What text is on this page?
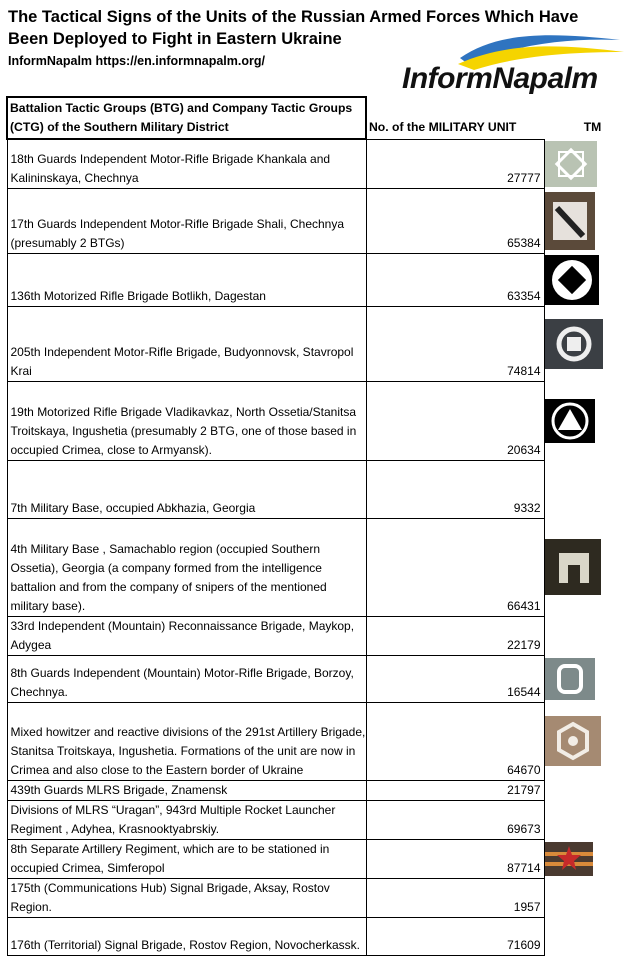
The Tactical Signs of the Units of the Russian Armed Forces Which Have Been Deployed to Fight in Eastern Ukraine
InformNapalm https://en.informnapalm.org/
InformNapalm
Battalion Tactic Groups (BTG) and Company Tactic Groups (CTG) of the Southern Military District	No. of the MILITARY UNIT	TM
18th Guards Independent Motor-Rifle Brigade Khankala and Kalininskaya, Chechnya	27777	
17th Guards Independent Motor-Rifle Brigade Shali, Chechnya (presumably 2 BTGs)	65384	
136th Motorized Rifle Brigade Botlikh, Dagestan	63354	
205th Independent Motor-Rifle Brigade, Budyonnovsk, Stavropol Krai	74814	
19th Motorized Rifle Brigade Vladikavkaz, North Ossetia/Stanitsa Troitskaya, Ingushetia (presumably 2 BTG, one of those based in occupied Crimea, close to Armyansk).	20634	
7th Military Base, occupied Abkhazia, Georgia	9332	
4th Military Base , Samachablo region (occupied Southern Ossetia), Georgia (a company formed from the intelligence battalion and from the company of snipers of the mentioned military base).	66431	
33rd Independent (Mountain) Reconnaissance Brigade, Maykop, Adygea	22179	
8th Guards Independent (Mountain) Motor-Rifle Brigade, Borzoy, Chechnya.	16544	
Mixed howitzer and reactive divisions of the 291st Artillery Brigade, Stanitsa Troitskaya, Ingushetia. Formations of the unit are now in Crimea and also close to the Eastern border of Ukraine	64670	
439th Guards MLRS Brigade, Znamensk	21797	
Divisions of MLRS “Uragan”, 943rd Multiple Rocket Launcher Regiment , Adyhea, Krasnooktyabrskiy.	69673	
8th Separate Artillery Regiment, which are to be stationed in occupied Crimea, Simferopol	87714	
175th (Communications Hub) Signal Brigade, Aksay, Rostov Region.	1957	
176th (Territorial) Signal Brigade, Rostov Region, Novocherkassk.	71609	
